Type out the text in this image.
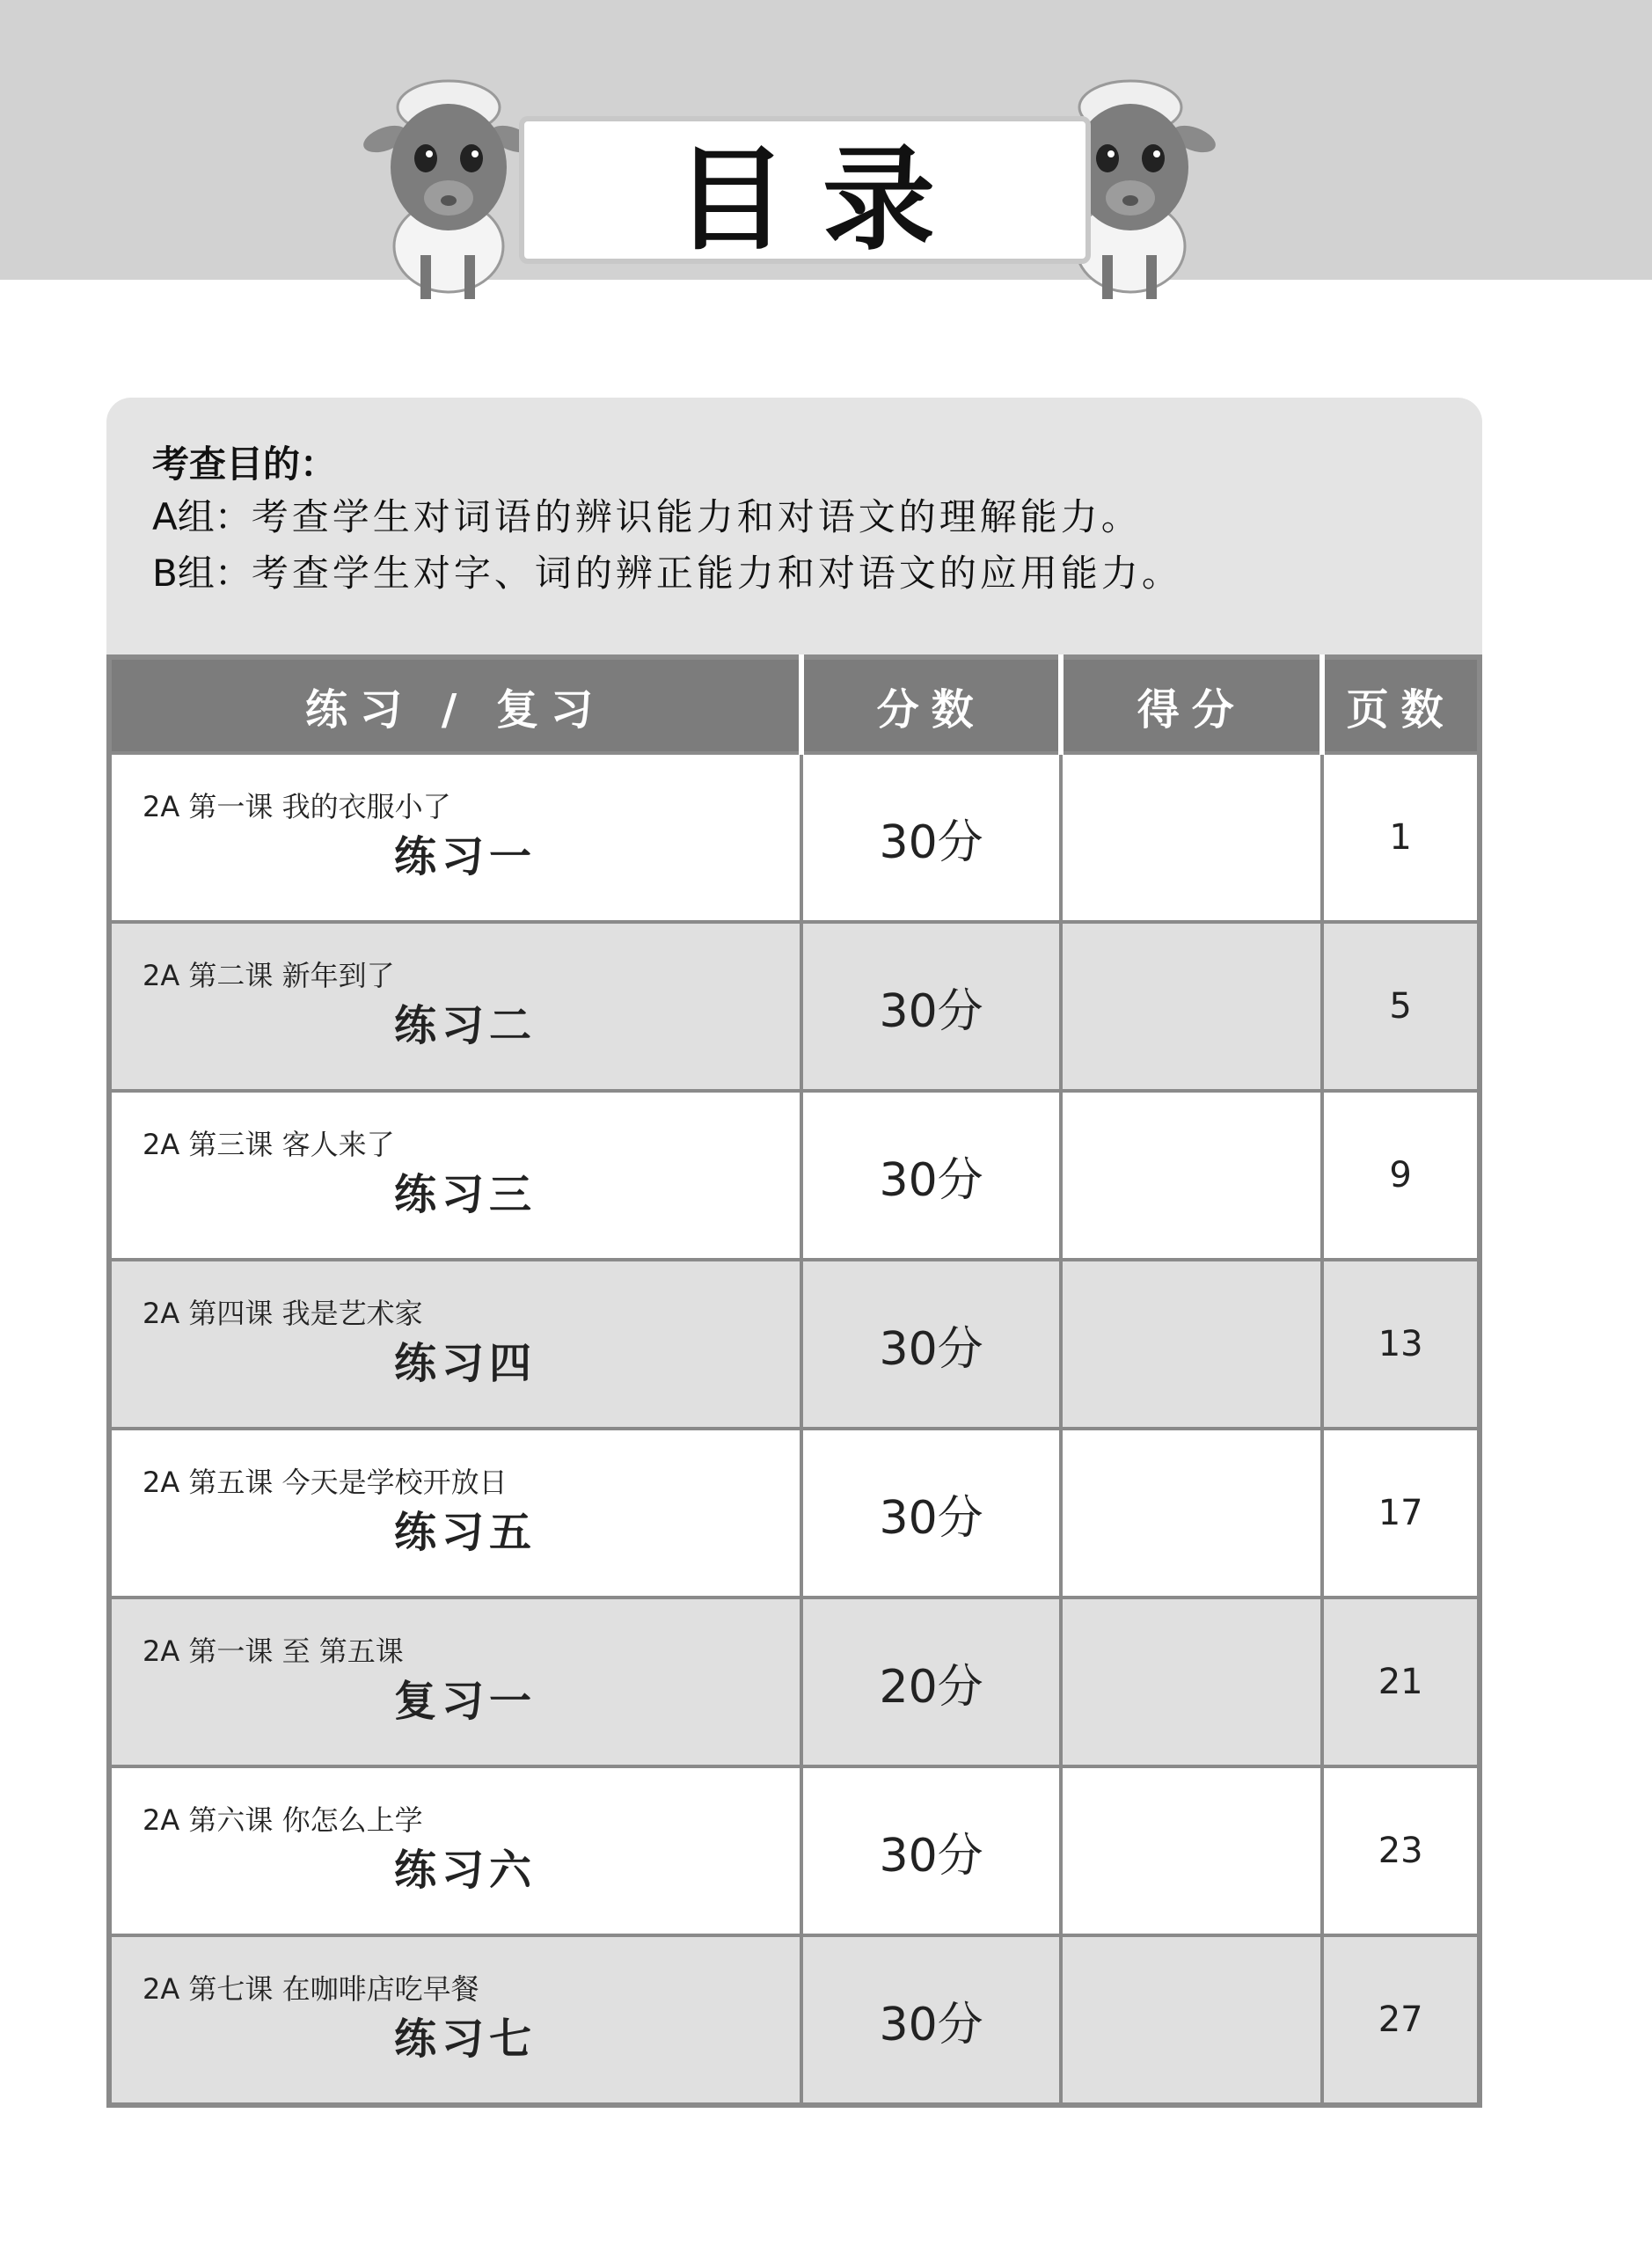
目录
考查目的：
A组：考查学生对词语的辨识能力和对语文的理解能力。
B组：考查学生对字、词的辨正能力和对语文的应用能力。
练习 / 复习	分数	得分	页数

2A 第一课 我的衣服小了
练习一	30分		1

2A 第二课 新年到了
练习二	30分		5

2A 第三课 客人来了
练习三	30分		9

2A 第四课 我是艺术家
练习四	30分		13

2A 第五课 今天是学校开放日
练习五	30分		17

2A 第一课 至 第五课
复习一	20分		21

2A 第六课 你怎么上学
练习六	30分		23

2A 第七课 在咖啡店吃早餐
练习七	30分		27
